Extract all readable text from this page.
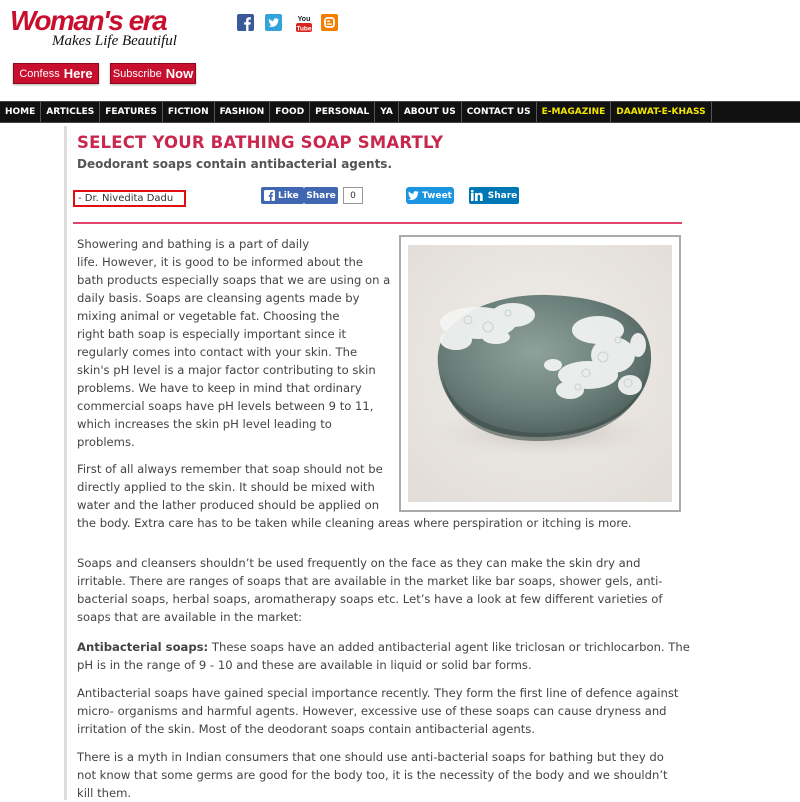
Woman's era
Makes Life Beautiful
You
Tube
Confess Here Subscribe Now
HOME	ARTICLES	FEATURES	FICTION	FASHION	FOOD	PERSONAL	YA	ABOUT US	CONTACT US	E-MAGAZINE	DAAWAT-E-KHASS
SELECT YOUR BATHING SOAP SMARTLY
Deodorant soaps contain antibacterial agents.
- Dr. Nivedita Dadu	Like Share	0	Tweet	Share
Showering and bathing is a part of daily
life. However, it is good to be informed about the
bath products especially soaps that we are using on a
daily basis. Soaps are cleansing agents made by
mixing animal or vegetable fat. Choosing the
right bath soap is especially important since it
regularly comes into contact with your skin. The
skin's pH level is a major factor contributing to skin
problems. We have to keep in mind that ordinary
commercial soaps have pH levels between 9 to 11,
which increases the skin pH level leading to
problems.
First of all always remember that soap should not be
directly applied to the skin. It should be mixed with
water and the lather produced should be applied on
the body. Extra care has to be taken while cleaning areas where perspiration or itching is more.
Soaps and cleansers shouldn’t be used frequently on the face as they can make the skin dry and
irritable. There are ranges of soaps that are available in the market like bar soaps, shower gels, anti-
bacterial soaps, herbal soaps, aromatherapy soaps etc. Let’s have a look at few different varieties of
soaps that are available in the market:
Antibacterial soaps: These soaps have an added antibacterial agent like triclosan or trichlocarbon. The
pH is in the range of 9 - 10 and these are available in liquid or solid bar forms.
Antibacterial soaps have gained special importance recently. They form the first line of defence against
micro- organisms and harmful agents. However, excessive use of these soaps can cause dryness and
irritation of the skin. Most of the deodorant soaps contain antibacterial agents.
There is a myth in Indian consumers that one should use anti-bacterial soaps for bathing but they do
not know that some germs are good for the body too, it is the necessity of the body and we shouldn’t
kill them.
